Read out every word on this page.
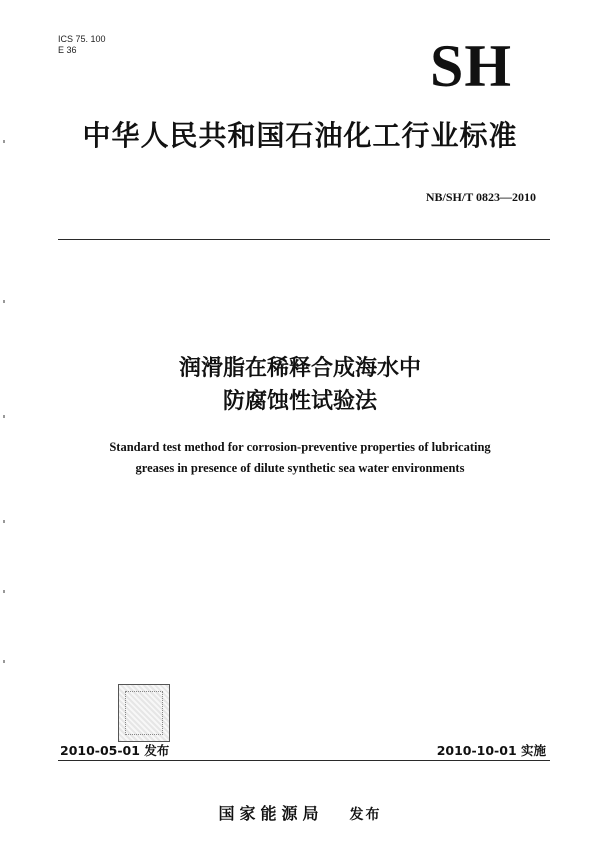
ICS 75. 100
E 36	SH
中华人民共和国石油化工行业标准
NB/SH/T 0823—2010
润滑脂在稀释合成海水中
防腐蚀性试验法
Standard test method for corrosion-preventive properties of lubricating
greases in presence of dilute synthetic sea water environments
2010-05-01 发布	2010-10-01 实施
国家能源局 发布
